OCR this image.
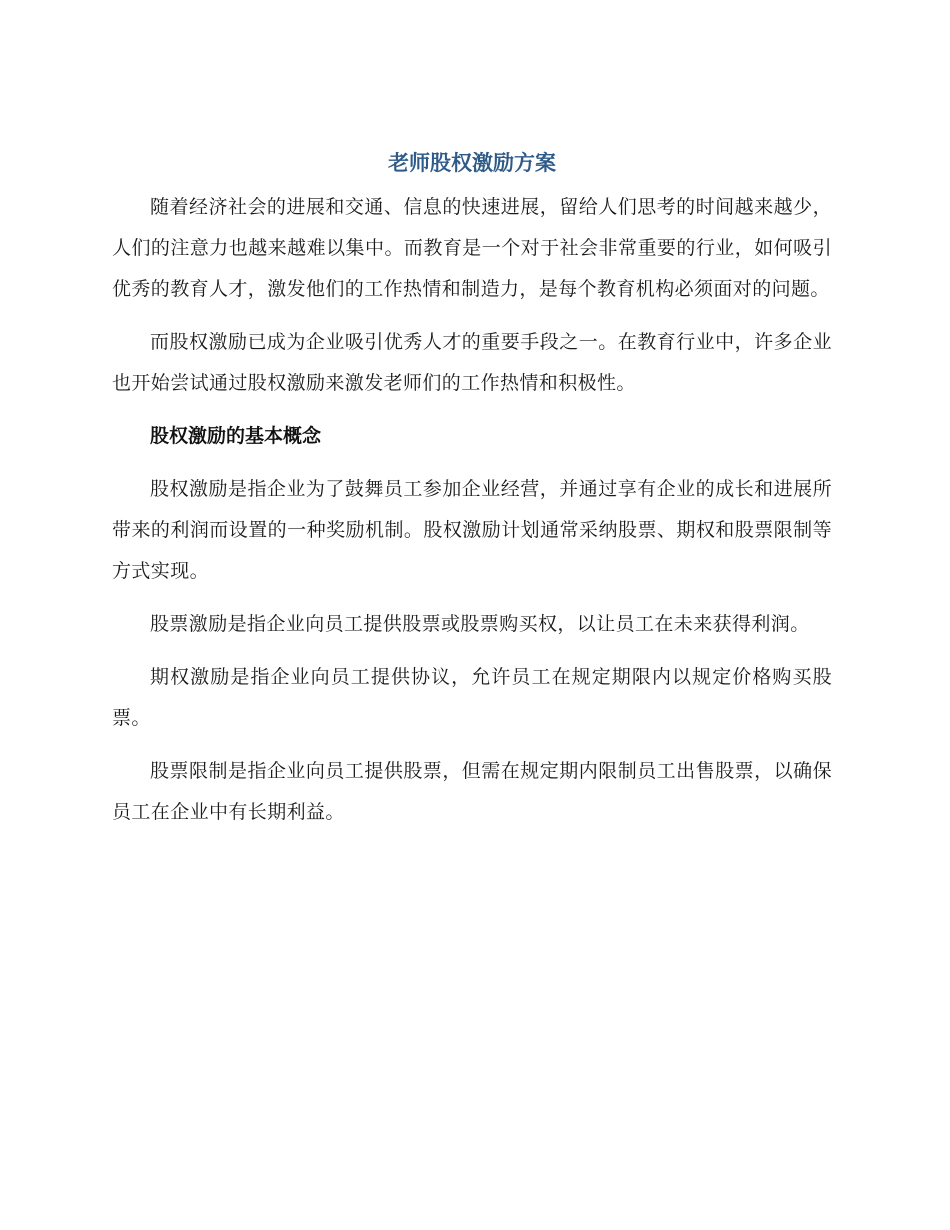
老师股权激励方案

随着经济社会的进展和交通、信息的快速进展，留给人们思考的时间越来越少，人们的注意力也越来越难以集中。而教育是一个对于社会非常重要的行业，如何吸引优秀的教育人才，激发他们的工作热情和制造力，是每个教育机构必须面对的问题。

而股权激励已成为企业吸引优秀人才的重要手段之一。在教育行业中，许多企业也开始尝试通过股权激励来激发老师们的工作热情和积极性。

股权激励的基本概念

股权激励是指企业为了鼓舞员工参加企业经营，并通过享有企业的成长和进展所带来的利润而设置的一种奖励机制。股权激励计划通常采纳股票、期权和股票限制等方式实现。

股票激励是指企业向员工提供股票或股票购买权，以让员工在未来获得利润。

期权激励是指企业向员工提供协议，允许员工在规定期限内以规定价格购买股票。

股票限制是指企业向员工提供股票，但需在规定期内限制员工出售股票，以确保员工在企业中有长期利益。
